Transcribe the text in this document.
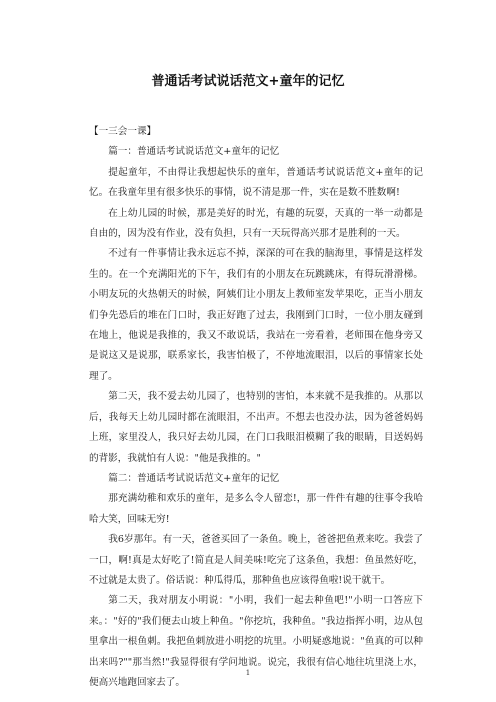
普通话考试说话范文+童年的记忆

【一三会一课】

篇一：普通话考试说话范文+童年的记忆

提起童年，不由得让我想起快乐的童年，普通话考试说话范文+童年的记忆。在我童年里有很多快乐的事情，说不清是那一件，实在是数不胜数啊!

在上幼儿园的时候，那是美好的时光，有趣的玩耍，天真的一举一动都是自由的，因为没有作业，没有负担，只有一天玩得高兴那才是胜利的一天。

不过有一件事情让我永远忘不掉，深深的可在我的脑海里，事情是这样发生的。在一个充满阳光的下午，我们有的小朋友在玩跳跳床，有得玩滑滑梯。小明友玩的火热朝天的时候，阿姨们让小朋友上教师室发苹果吃，正当小朋友们争先恐后的堆在门口时，我正好跑了过去，我刚到门口时，一位小朋友碰到在地上，他说是我推的，我又不敢说话，我站在一旁看着，老师围在他身旁又是说这又是说那，联系家长，我害怕极了，不停地流眼泪，以后的事情家长处理了。

第二天，我不爱去幼儿园了，也特别的害怕，本来就不是我推的。从那以后，我每天上幼儿园时都在流眼泪，不出声。不想去也没办法，因为爸爸妈妈上班，家里没人，我只好去幼儿园，在门口我眼泪模糊了我的眼睛，目送妈妈的背影，我就怕有人说："他是我推的。"

篇二：普通话考试说话范文+童年的记忆

那充满幼稚和欢乐的童年，是多么令人留恋!，那一件件有趣的往事令我哈哈大笑，回味无穷!

我6岁那年。有一天，爸爸买回了一条鱼。晚上，爸爸把鱼煮来吃。我尝了一口，啊!真是太好吃了!简直是人间美味!吃完了这条鱼，我想：鱼虽然好吃，不过就是太贵了。俗话说：种瓜得瓜，那种鱼也应该得鱼啦!说干就干。

第二天，我对朋友小明说："小明，我们一起去种鱼吧!"小明一口答应下来。："好的"我们便去山坡上种鱼。"你挖坑，我种鱼。"我边指挥小明，边从包里拿出一根鱼刺。我把鱼刺放进小明挖的坑里。小明疑惑地说："鱼真的可以种出来吗?""那当然!"我显得很有学问地说。说完，我很有信心地往坑里浇上水，便高兴地跑回家去了。

1
